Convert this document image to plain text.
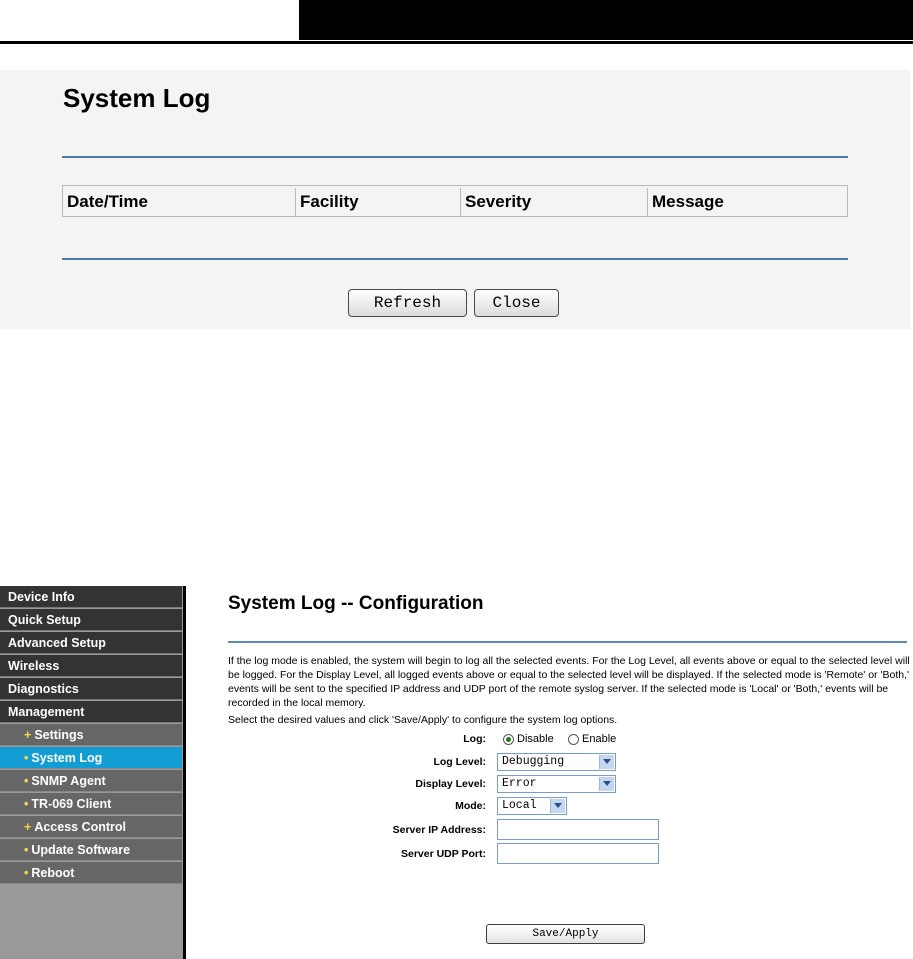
System Log
Date/Time	Facility	Severity	Message
Refresh	Close
Device Info
Quick Setup
Advanced Setup
Wireless
Diagnostics
Management
+ Settings
• System Log
• SNMP Agent
• TR-069 Client
+ Access Control
• Update Software
• Reboot
System Log -- Configuration
If the log mode is enabled, the system will begin to log all the selected events. For the Log Level, all events above or equal to the selected level will be logged. For the Display Level, all logged events above or equal to the selected level will be displayed. If the selected mode is 'Remote' or 'Both,' events will be sent to the specified IP address and UDP port of the remote syslog server. If the selected mode is 'Local' or 'Both,' events will be recorded in the local memory.
Select the desired values and click 'Save/Apply' to configure the system log options.
Log:	Disable	Enable
Log Level: Debugging
Display Level: Error
Mode: Local
Server IP Address:
Server UDP Port:
Save/Apply
